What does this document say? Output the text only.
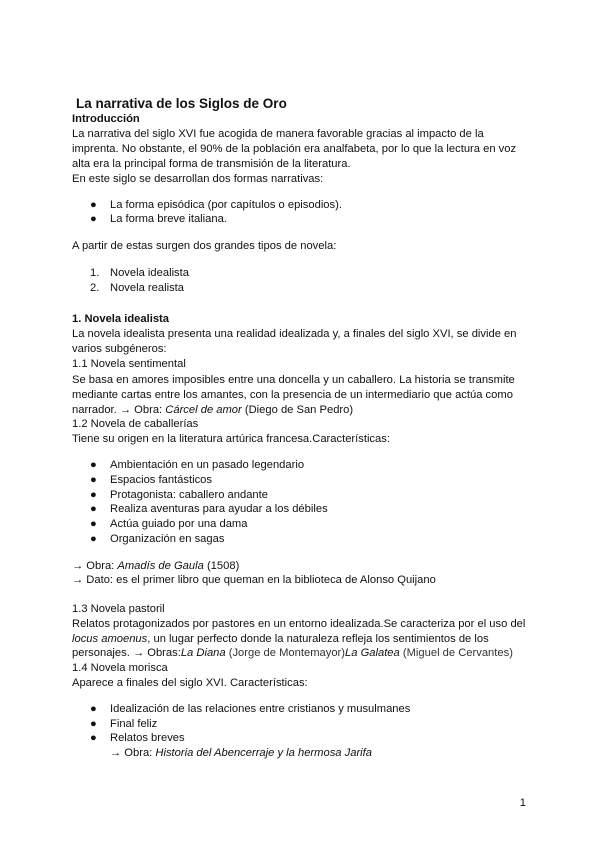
La narrativa de los Siglos de Oro
Introducción
La narrativa del siglo XVI fue acogida de manera favorable gracias al impacto de la
imprenta. No obstante, el 90% de la población era analfabeta, por lo que la lectura en voz
alta era la principal forma de transmisión de la literatura.
En este siglo se desarrollan dos formas narrativas:
● La forma episódica (por capítulos o episodios).
● La forma breve italiana.
A partir de estas surgen dos grandes tipos de novela:
1. Novela idealista
2. Novela realista
1. Novela idealista
La novela idealista presenta una realidad idealizada y, a finales del siglo XVI, se divide en
varios subgéneros:
1.1 Novela sentimental
Se basa en amores imposibles entre una doncella y un caballero. La historia se transmite
mediante cartas entre los amantes, con la presencia de un intermediario que actúa como
narrador. → Obra: Cárcel de amor (Diego de San Pedro)
1.2 Novela de caballerías
Tiene su origen en la literatura artúrica francesa.Características:
● Ambientación en un pasado legendario
● Espacios fantásticos
● Protagonista: caballero andante
● Realiza aventuras para ayudar a los débiles
● Actúa guiado por una dama
● Organización en sagas
→ Obra: Amadís de Gaula (1508)
→ Dato: es el primer libro que queman en la biblioteca de Alonso Quijano
1.3 Novela pastoril
Relatos protagonizados por pastores en un entorno idealizada.Se caracteriza por el uso del
locus amoenus, un lugar perfecto donde la naturaleza refleja los sentimientos de los
personajes. → Obras:La Diana (Jorge de Montemayor)La Galatea (Miguel de Cervantes)
1.4 Novela morisca
Aparece a finales del siglo XVI. Características:
● Idealización de las relaciones entre cristianos y musulmanes
● Final feliz
● Relatos breves
→ Obra: Historia del Abencerraje y la hermosa Jarifa
1
